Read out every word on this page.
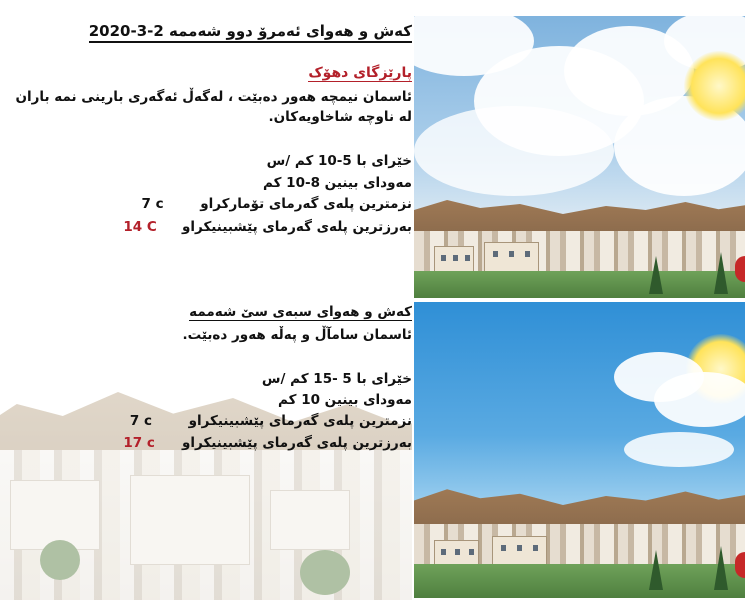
کەش و هەوای ئەمرۆ دوو شەممە 2-3-2020
پارێزگای دهۆک
ئاسمان نیمچە هەور دەبێت ، لەگەڵ ئەگەری بارینی نمە باران
لە ناوچە شاخاویەکان.
خێرای با 5-10 کم /س
مەودای بینین 8-10 کم
نزمترین پلەی گەرمای تۆمارکراو 7 c
بەرزترین پلەی گەرمای پێشبینیکراو 14 C
کەش و هەوای سبەی سێ شەممە
ئاسمان سامآڵ و پەڵە هەور دەبێت.
خێرای با 5 -15 کم /س
مەودای بینین 10 کم
نزمترین پلەی گەرمای پێشبینیکراو 7 c
بەرزترین پلەی گەرمای پێشبینیکراو 17 c
